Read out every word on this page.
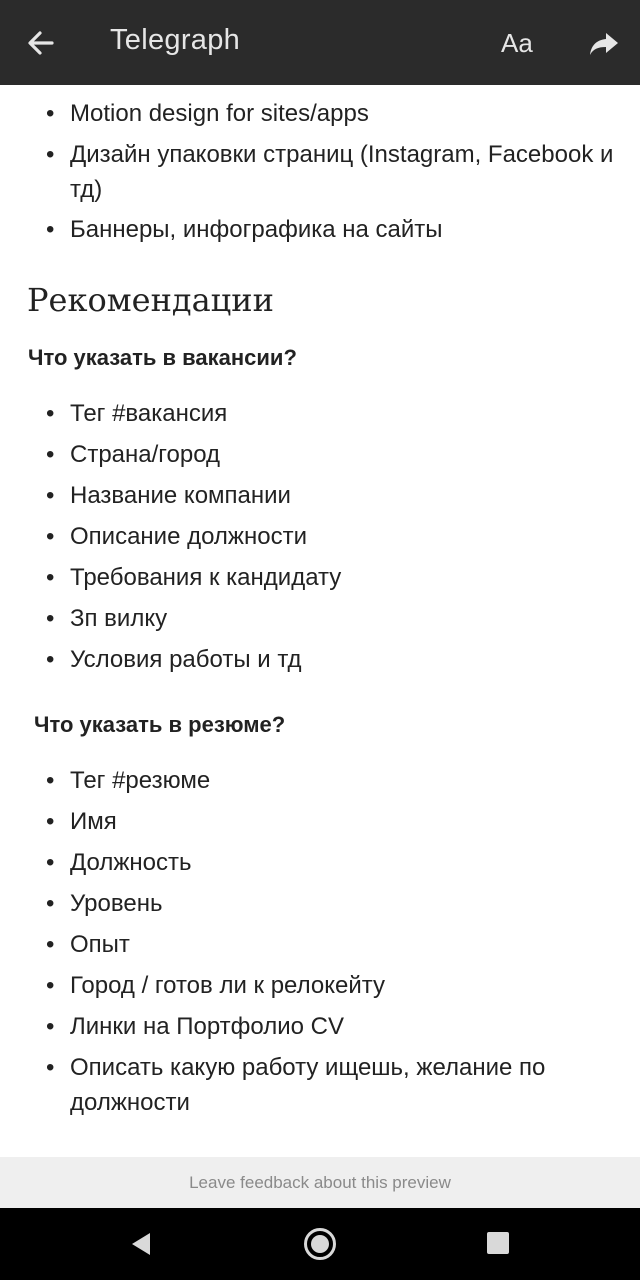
Telegraph	Aa
• Motion design for sites/apps
• Дизайн упаковки страниц (Instagram, Facebook и тд)
• Баннеры, инфографика на сайты
Рекомендации
Что указать в вакансии?
• Тег #вакансия
• Страна/город
• Название компании
• Описание должности
• Требования к кандидату
• Зп вилку
• Условия работы и тд
Что указать в резюме?
• Тег #резюме
• Имя
• Должность
• Уровень
• Опыт
• Город / готов ли к релокейту
• Линки на Портфолио CV
• Описать какую работу ищешь, желание по должности
Leave feedback about this preview
